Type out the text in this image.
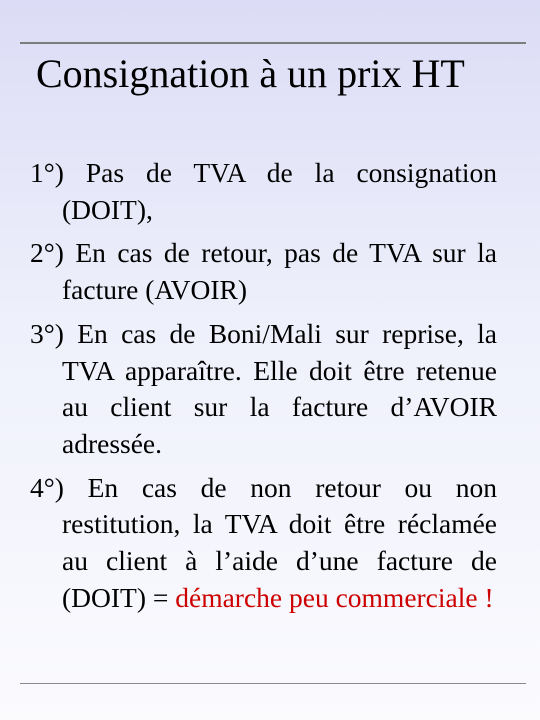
Consignation à un prix HT

1°) Pas de TVA de la consignation (DOIT),

2°) En cas de retour, pas de TVA sur la facture (AVOIR)

3°) En cas de Boni/Mali sur reprise, la TVA apparaître. Elle doit être retenue au client sur la facture d’AVOIR adressée.

4°) En cas de non retour ou non restitution, la TVA doit être réclamée au client à l’aide d’une facture de (DOIT) = démarche peu commerciale !
